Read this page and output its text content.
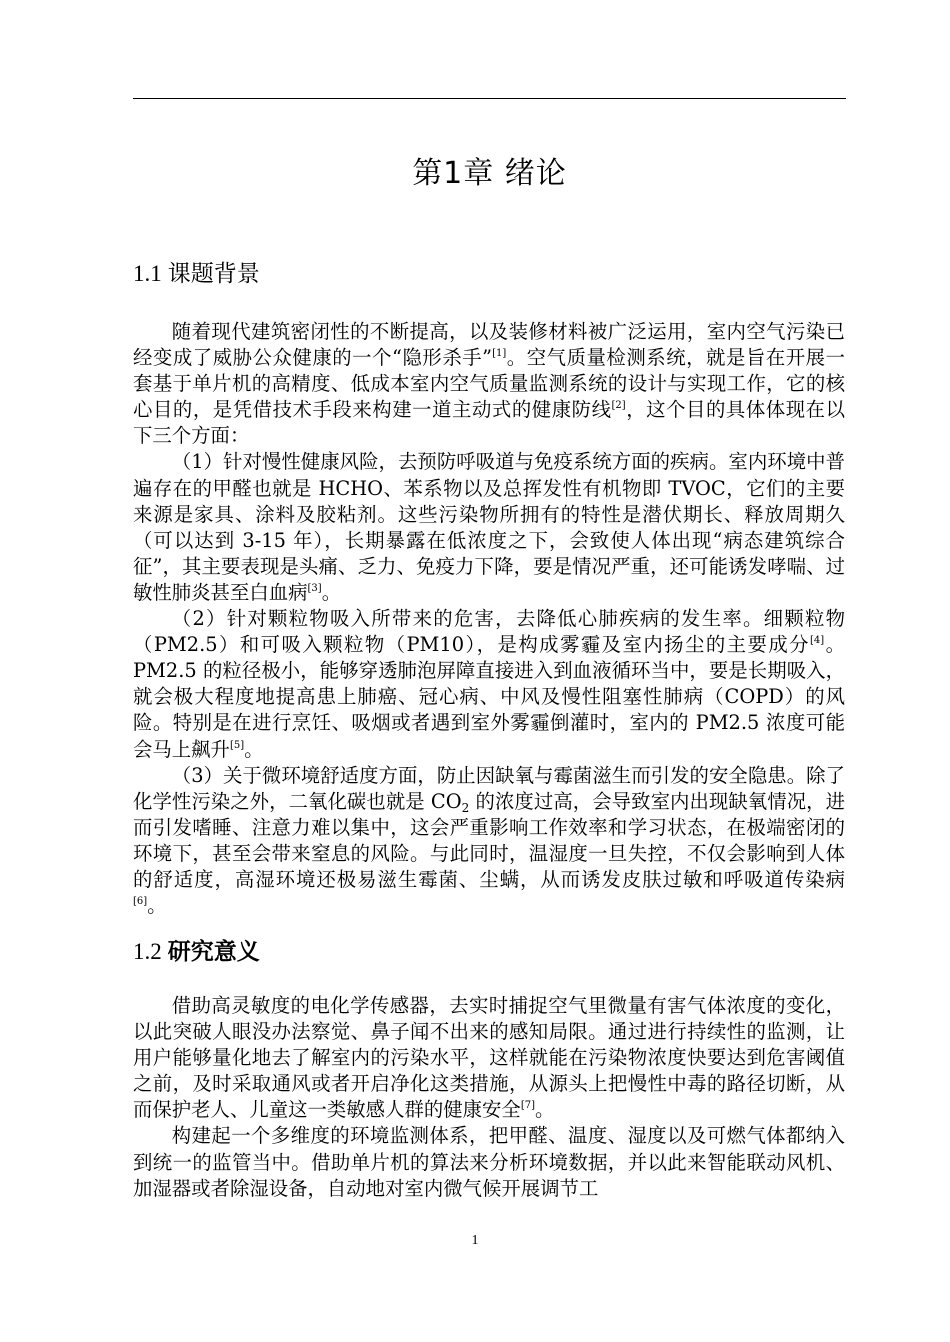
第1章 绪论
1.1 课题背景

随着现代建筑密闭性的不断提高，以及装修材料被广泛运用，室内空气污染已经变成了威胁公众健康的一个“隐形杀手”[1]。空气质量检测系统，就是旨在开展一套基于单片机的高精度、低成本室内空气质量监测系统的设计与实现工作，它的核心目的，是凭借技术手段来构建一道主动式的健康防线[2]，这个目的具体体现在以下三个方面：

（1）针对慢性健康风险，去预防呼吸道与免疫系统方面的疾病。室内环境中普遍存在的甲醛也就是 HCHO、苯系物以及总挥发性有机物即 TVOC，它们的主要来源是家具、涂料及胶粘剂。这些污染物所拥有的特性是潜伏期长、释放周期久（可以达到 3-15 年），长期暴露在低浓度之下，会致使人体出现“病态建筑综合征”，其主要表现是头痛、乏力、免疫力下降，要是情况严重，还可能诱发哮喘、过敏性肺炎甚至白血病[3]。

（2）针对颗粒物吸入所带来的危害，去降低心肺疾病的发生率。细颗粒物（PM2.5）和可吸入颗粒物（PM10），是构成雾霾及室内扬尘的主要成分[4]。PM2.5 的粒径极小，能够穿透肺泡屏障直接进入到血液循环当中，要是长期吸入，就会极大程度地提高患上肺癌、冠心病、中风及慢性阻塞性肺病（COPD）的风险。特别是在进行烹饪、吸烟或者遇到室外雾霾倒灌时，室内的 PM2.5 浓度可能会马上飙升[5]。

（3）关于微环境舒适度方面，防止因缺氧与霉菌滋生而引发的安全隐患。除了化学性污染之外，二氧化碳也就是 $CO_2$ 的浓度过高，会导致室内出现缺氧情况，进而引发嗜睡、注意力难以集中，这会严重影响工作效率和学习状态，在极端密闭的环境下，甚至会带来窒息的风险。与此同时，温湿度一旦失控，不仅会影响到人体的舒适度，高湿环境还极易滋生霉菌、尘螨，从而诱发皮肤过敏和呼吸道传染病[6]。

1.2 研究意义

借助高灵敏度的电化学传感器，去实时捕捉空气里微量有害气体浓度的变化，以此突破人眼没办法察觉、鼻子闻不出来的感知局限。通过进行持续性的监测，让用户能够量化地去了解室内的污染水平，这样就能在污染物浓度快要达到危害阈值之前，及时采取通风或者开启净化这类措施，从源头上把慢性中毒的路径切断，从而保护老人、儿童这一类敏感人群的健康安全[7]。

构建起一个多维度的环境监测体系，把甲醛、温度、湿度以及可燃气体都纳入到统一的监管当中。借助单片机的算法来分析环境数据，并以此来智能联动风机、加湿器或者除湿设备，自动地对室内微气候开展调节工

1
